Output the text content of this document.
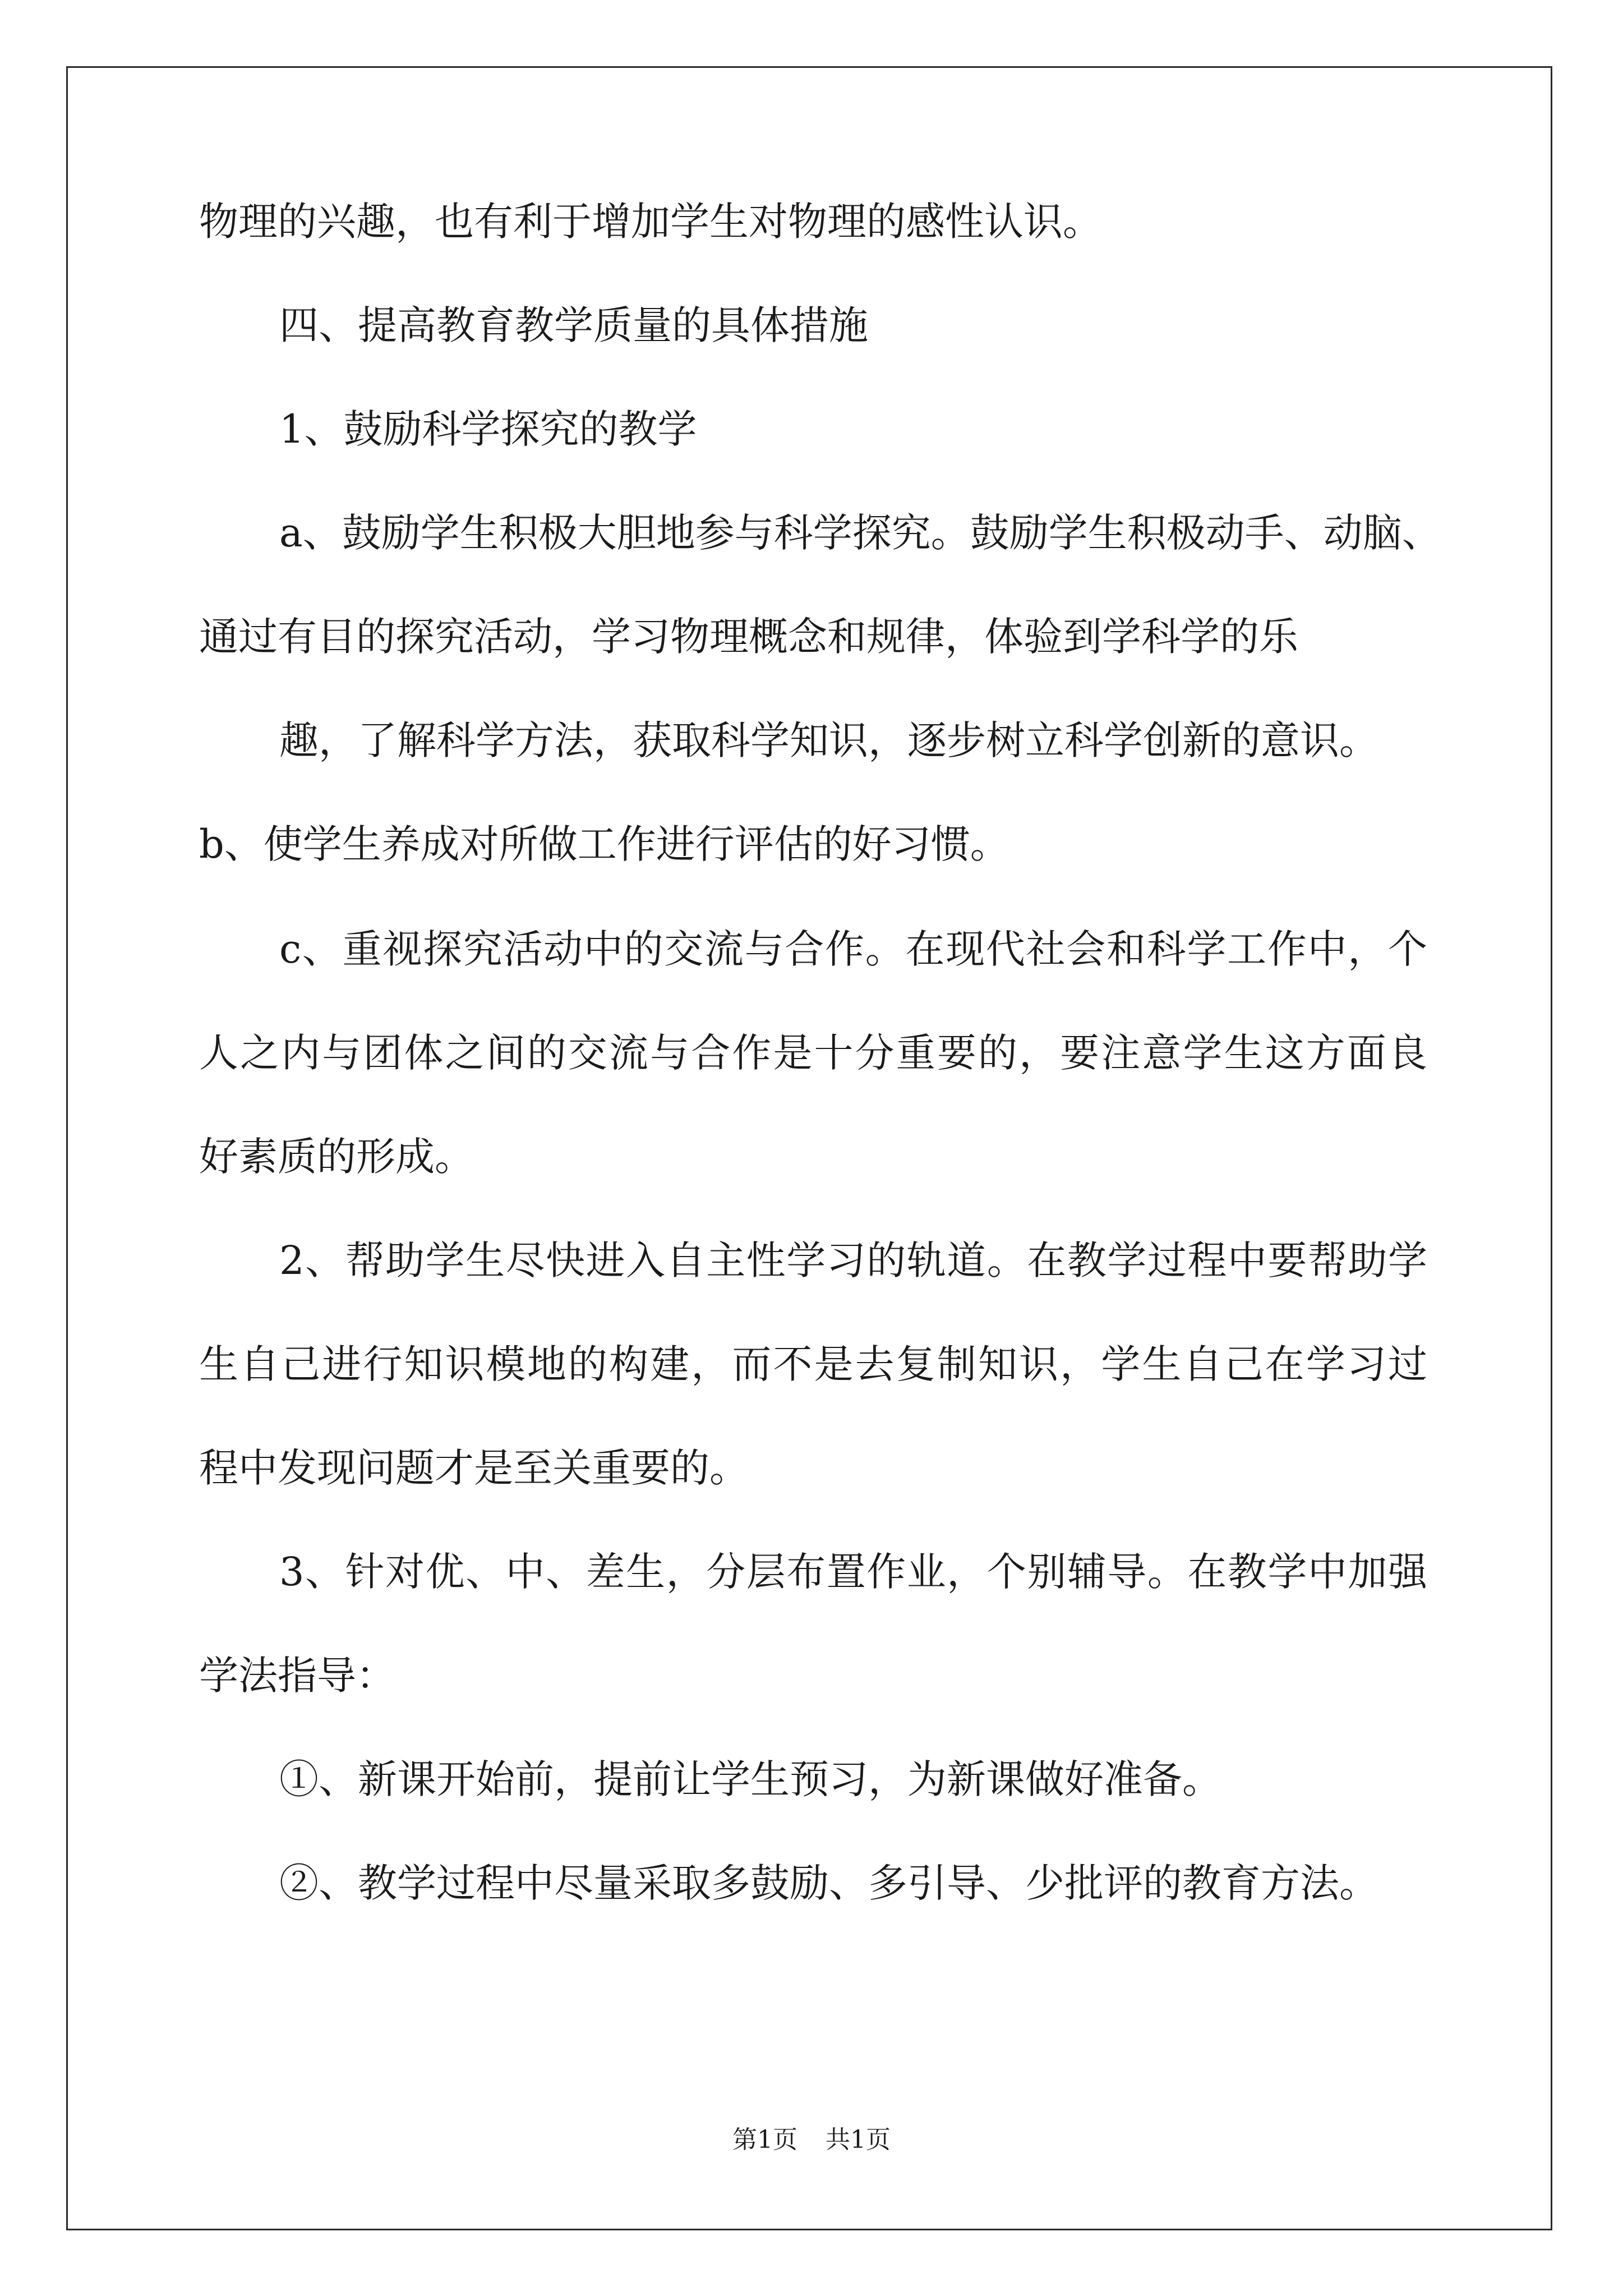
物理的兴趣，也有利于增加学生对物理的感性认识。
四、提高教育教学质量的具体措施
1、鼓励科学探究的教学
a、鼓励学生积极大胆地参与科学探究。鼓励学生积极动手、动脑、
通过有目的探究活动，学习物理概念和规律，体验到学科学的乐
趣，了解科学方法，获取科学知识，逐步树立科学创新的意识。
b、使学生养成对所做工作进行评估的好习惯。
c、重视探究活动中的交流与合作。在现代社会和科学工作中，个
人之内与团体之间的交流与合作是十分重要的，要注意学生这方面良
好素质的形成。
2、帮助学生尽快进入自主性学习的轨道。在教学过程中要帮助学
生自己进行知识模地的构建，而不是去复制知识，学生自己在学习过
程中发现问题才是至关重要的。
3、针对优、中、差生，分层布置作业，个别辅导。在教学中加强
学法指导：
①、新课开始前，提前让学生预习，为新课做好准备。
②、教学过程中尽量采取多鼓励、多引导、少批评的教育方法。
第1页 共1页
